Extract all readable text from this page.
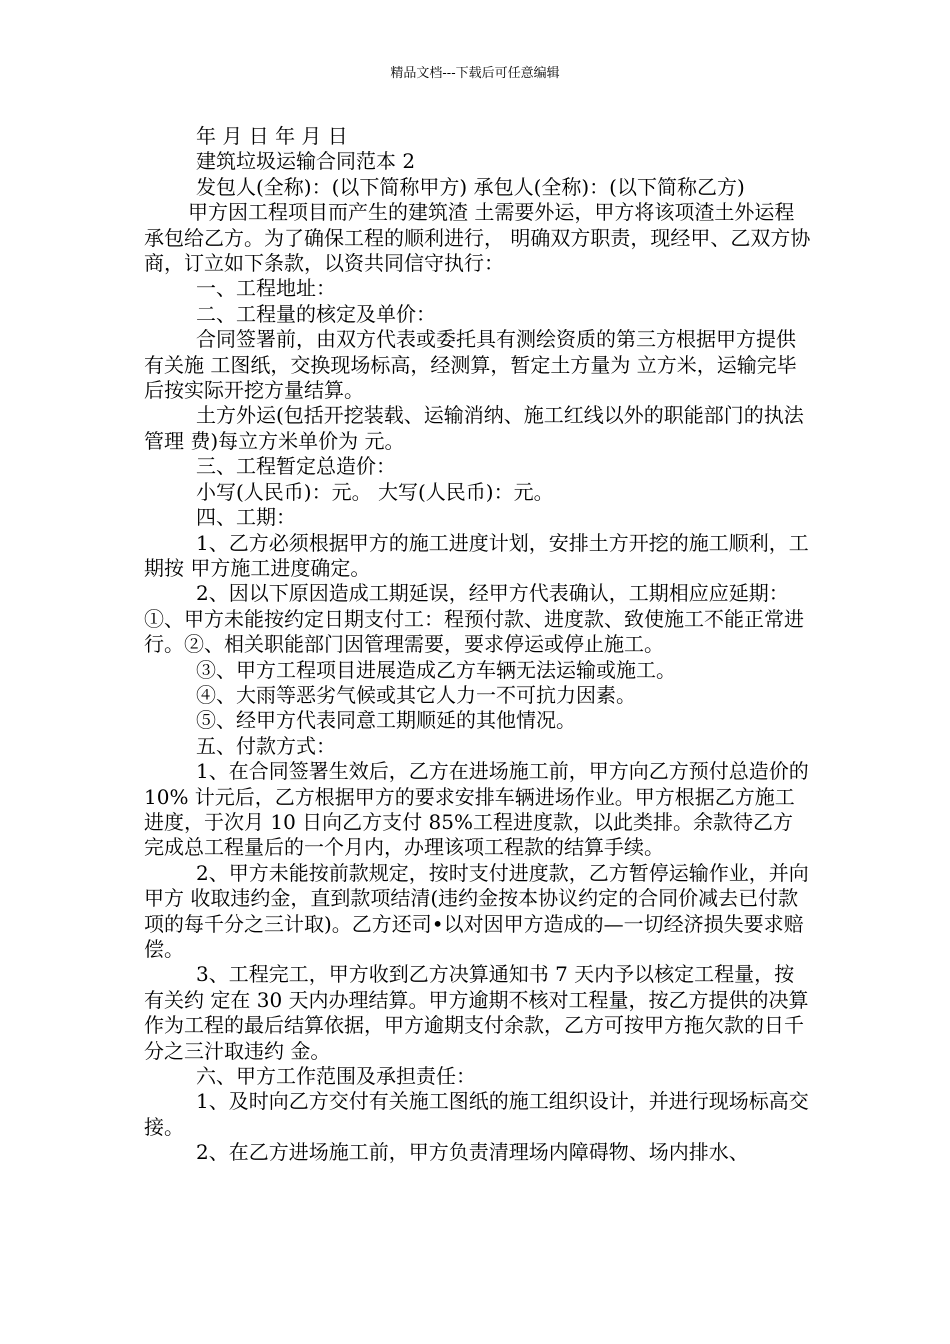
精品文档---下载后可任意编辑

年 月 日 年 月 日

建筑垃圾运输合同范本 2

发包人(全称)：(以下简称甲方) 承包人(全称)：(以下简称乙方)

甲方因工程项目而产生的建筑渣 土需要外运，甲方将该项渣土外运程承包给乙方。为了确保工程的顺利进行， 明确双方职责，现经甲、乙双方协商，订立如下条款，以资共同信守执行：

一、工程地址：

二、工程量的核定及单价：

合同签署前，由双方代表或委托具有测绘资质的第三方根据甲方提供有关施 工图纸，交换现场标高，经测算，暂定土方量为 立方米，运输完毕后按实际开挖方量结算。

土方外运(包括开挖装载、运输消纳、施工红线以外的职能部门的执法管理 费)每立方米单价为 元。

三、工程暂定总造价：

小写(人民币)：元。 大写(人民币)：元。

四、工期：

1、乙方必须根据甲方的施工进度计划，安排土方开挖的施工顺利，工期按 甲方施工进度确定。

2、因以下原因造成工期延误，经甲方代表确认，工期相应应延期： ①、甲方未能按约定日期支付工：程预付款、进度款、致使施工不能正常进行。②、相关职能部门因管理需要，要求停运或停止施工。

③、甲方工程项目进展造成乙方车辆无法运输或施工。

④、大雨等恶劣气候或其它人力一不可抗力因素。

⑤、经甲方代表同意工期顺延的其他情况。

五、付款方式：

1、在合同签署生效后，乙方在进场施工前，甲方向乙方预付总造价的 10% 计元后，乙方根据甲方的要求安排车辆进场作业。甲方根据乙方施工进度，于次月 10 日向乙方支付 85%工程进度款，以此类排。余款待乙方完成总工程量后的一个月内，办理该项工程款的结算手续。

2、甲方未能按前款规定，按时支付进度款，乙方暂停运输作业，并向甲方 收取违约金，直到款项结清(违约金按本协议约定的合同价减去已付款项的每千分之三计取)。乙方还司•以对因甲方造成的—一切经济损失要求赔偿。

3、工程完工，甲方收到乙方决算通知书 7 天内予以核定工程量，按有关约 定在 30 天内办理结算。甲方逾期不核对工程量，按乙方提供的决算作为工程的最后结算依据，甲方逾期支付余款，乙方可按甲方拖欠款的日千分之三汁取违约 金。

六、甲方工作范围及承担责任：

1、及时向乙方交付有关施工图纸的施工组织设计，并进行现场标高交接。

2、在乙方进场施工前，甲方负责清理场内障碍物、场内排水、
